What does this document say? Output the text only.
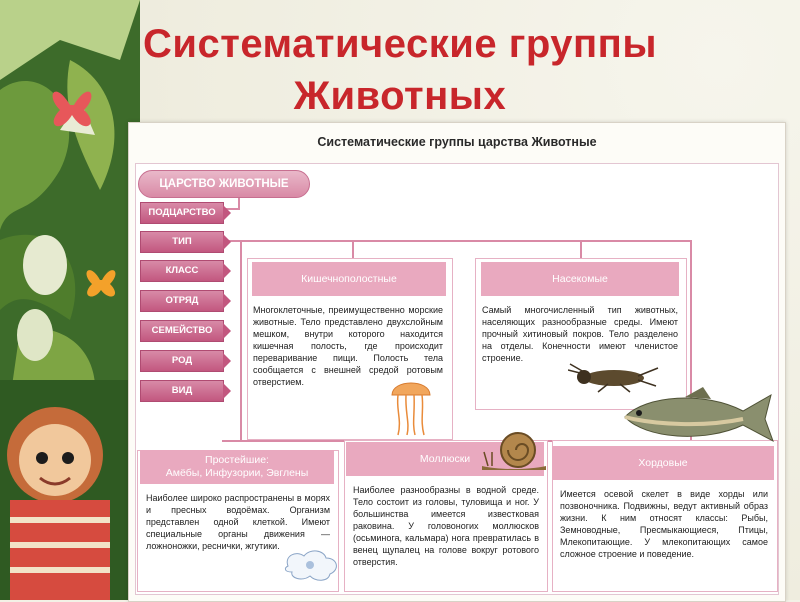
Систематические группы
Животных
Систематические группы царства Животные
ЦАРСТВО ЖИВОТНЫЕ
ПОДЦАРСТВО
ТИП
КЛАСС
ОТРЯД
СЕМЕЙСТВО
РОД
ВИД
Кишечнополостные
Многоклеточные, преимущественно морские животные. Тело представлено двухслойным мешком, внутри которого находится кишечная полость, где происходит переваривание пищи. Полость тела сообщается с внешней средой ротовым отверстием.
Насекомые
Самый многочисленный тип животных, населяющих разнообразные среды. Имеют прочный хитиновый покров. Тело разделено на отделы. Конечности имеют членистое строение.
Простейшие:
Амёбы, Инфузории, Эвглены
Наиболее широко распространены в морях и пресных водоёмах. Организм представлен одной клеткой. Имеют специальные органы движения — ложноножки, реснички, жгутики.
Моллюски
Наиболее разнообразны в водной среде. Тело состоит из головы, туловища и ног. У большинства имеется известковая раковина. У головоногих моллюсков (осьминога, кальмара) нога превратилась в венец щупалец на голове вокруг ротового отверстия.
Хордовые
Имеется осевой скелет в виде хорды или позвоночника. Подвижны, ведут активный образ жизни. К ним относят классы: Рыбы, Земноводные, Пресмыкающиеся, Птицы, Млекопитающие. У млекопитающих самое сложное строение и поведение.
